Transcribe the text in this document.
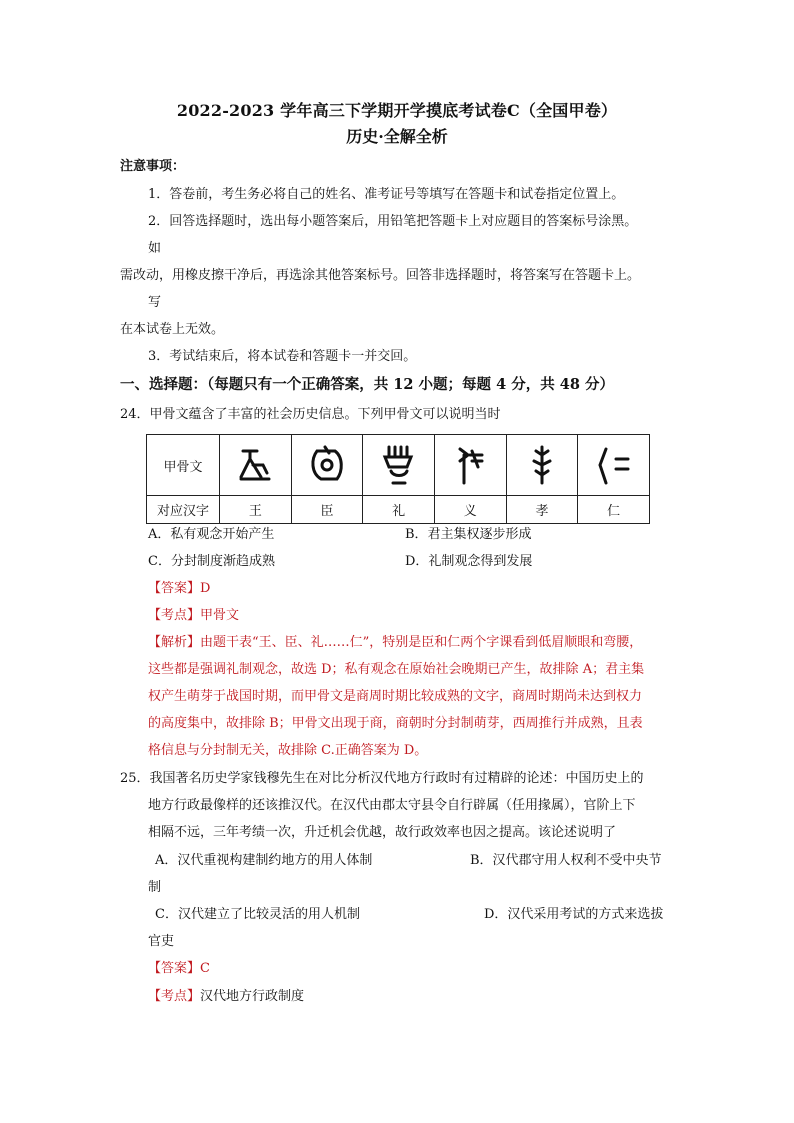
2022-2023 学年高三下学期开学摸底考试卷C（全国甲卷）
历史·全解全析
注意事项：
1．答卷前，考生务必将自己的姓名、准考证号等填写在答题卡和试卷指定位置上。
2．回答选择题时，选出每小题答案后，用铅笔把答题卡上对应题目的答案标号涂黑。
如
需改动，用橡皮擦干净后，再选涂其他答案标号。回答非选择题时，将答案写在答题卡上。
写
在本试卷上无效。
3．考试结束后，将本试卷和答题卡一并交回。
一、选择题：（每题只有一个正确答案，共 12 小题；每题 4 分，共 48 分）
24．甲骨文蕴含了丰富的社会历史信息。下列甲骨文可以说明当时
甲骨文	

对应汉字	王	臣	礼	义	孝	仁
A．私有观念开始产生	B．君主集权逐步形成
C．分封制度渐趋成熟	D．礼制观念得到发展
【答案】D
【考点】甲骨文
【解析】由题干表“王、臣、礼……仁”，特别是臣和仁两个字课看到低眉顺眼和弯腰，
这些都是强调礼制观念，故选 D；私有观念在原始社会晚期已产生，故排除 A；君主集
权产生萌芽于战国时期，而甲骨文是商周时期比较成熟的文字，商周时期尚未达到权力
的高度集中，故排除 B；甲骨文出现于商，商朝时分封制萌芽，西周推行并成熟，且表
格信息与分封制无关，故排除 C.正确答案为 D。
25．我国著名历史学家钱穆先生在对比分析汉代地方行政时有过精辟的论述：中国历史上的
地方行政最像样的还该推汉代。在汉代由郡太守县令自行辟属（任用掾属），官阶上下
相隔不远，三年考绩一次，升迁机会优越，故行政效率也因之提高。该论述说明了
A．汉代重视构建制约地方的用人体制	B．汉代郡守用人权利不受中央节
制
C．汉代建立了比较灵活的用人机制	D．汉代采用考试的方式来选拔
官吏
【答案】C
【考点】汉代地方行政制度
